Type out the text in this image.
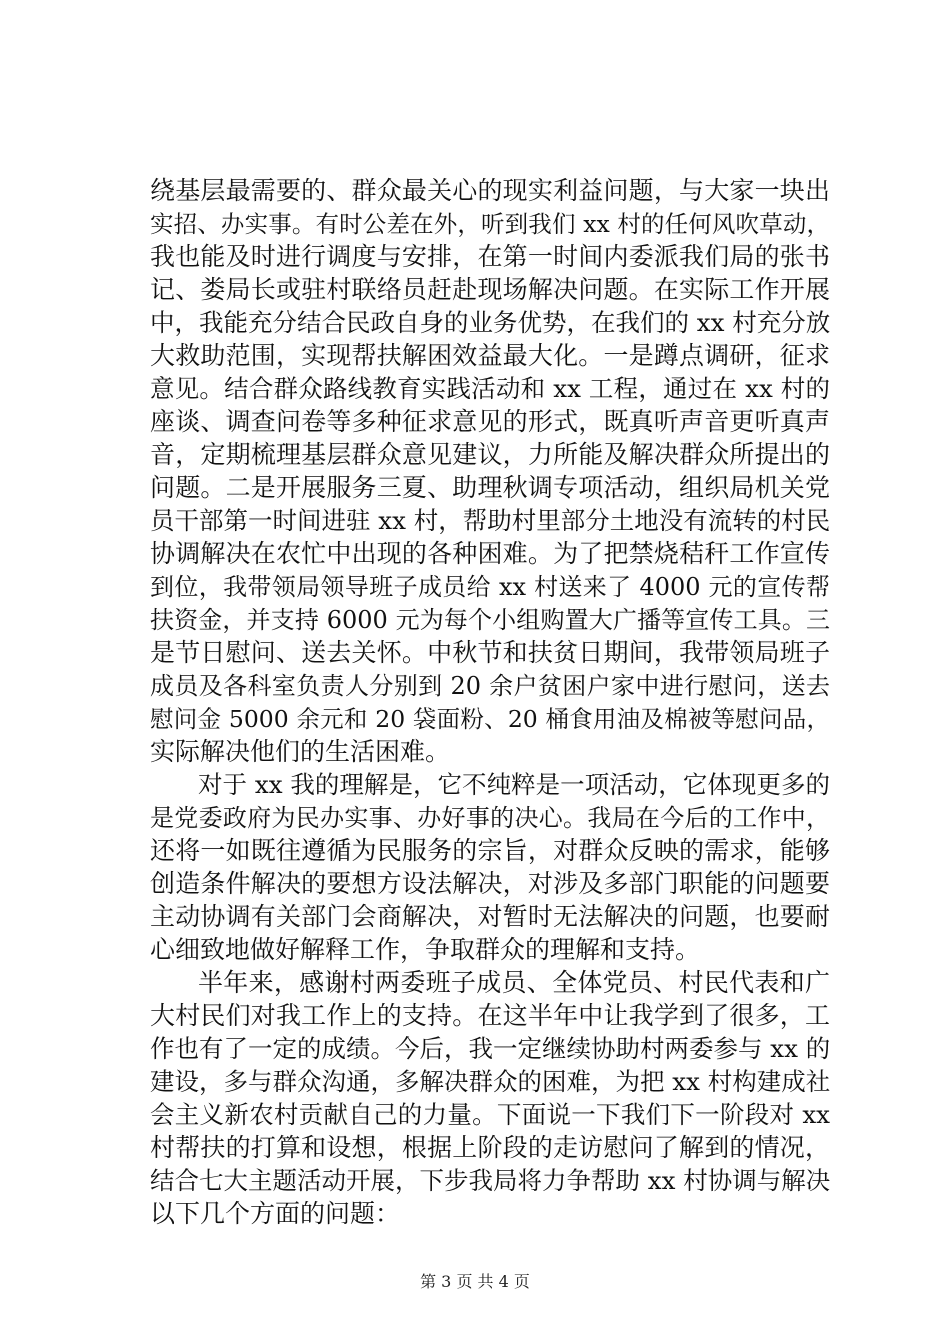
绕基层最需要的、群众最关心的现实利益问题，与大家一块出
实招、办实事。有时公差在外，听到我们 xx 村的任何风吹草动，
我也能及时进行调度与安排，在第一时间内委派我们局的张书
记、娄局长或驻村联络员赶赴现场解决问题。在实际工作开展
中，我能充分结合民政自身的业务优势，在我们的 xx 村充分放
大救助范围，实现帮扶解困效益最大化。一是蹲点调研，征求
意见。结合群众路线教育实践活动和 xx 工程，通过在 xx 村的
座谈、调查问卷等多种征求意见的形式，既真听声音更听真声
音，定期梳理基层群众意见建议，力所能及解决群众所提出的
问题。二是开展服务三夏、助理秋调专项活动，组织局机关党
员干部第一时间进驻 xx 村，帮助村里部分土地没有流转的村民
协调解决在农忙中出现的各种困难。为了把禁烧秸秆工作宣传
到位，我带领局领导班子成员给 xx 村送来了 4000 元的宣传帮
扶资金，并支持 6000 元为每个小组购置大广播等宣传工具。三
是节日慰问、送去关怀。中秋节和扶贫日期间，我带领局班子
成员及各科室负责人分别到 20 余户贫困户家中进行慰问，送去
慰问金 5000 余元和 20 袋面粉、20 桶食用油及棉被等慰问品，
实际解决他们的生活困难。
对于 xx 我的理解是，它不纯粹是一项活动，它体现更多的
是党委政府为民办实事、办好事的决心。我局在今后的工作中，
还将一如既往遵循为民服务的宗旨，对群众反映的需求，能够
创造条件解决的要想方设法解决，对涉及多部门职能的问题要
主动协调有关部门会商解决，对暂时无法解决的问题，也要耐
心细致地做好解释工作，争取群众的理解和支持。
半年来，感谢村两委班子成员、全体党员、村民代表和广
大村民们对我工作上的支持。在这半年中让我学到了很多，工
作也有了一定的成绩。今后，我一定继续协助村两委参与 xx 的
建设，多与群众沟通，多解决群众的困难，为把 xx 村构建成社
会主义新农村贡献自己的力量。下面说一下我们下一阶段对 xx
村帮扶的打算和设想，根据上阶段的走访慰问了解到的情况，
结合七大主题活动开展，下步我局将力争帮助 xx 村协调与解决
以下几个方面的问题：
第 3 页 共 4 页
